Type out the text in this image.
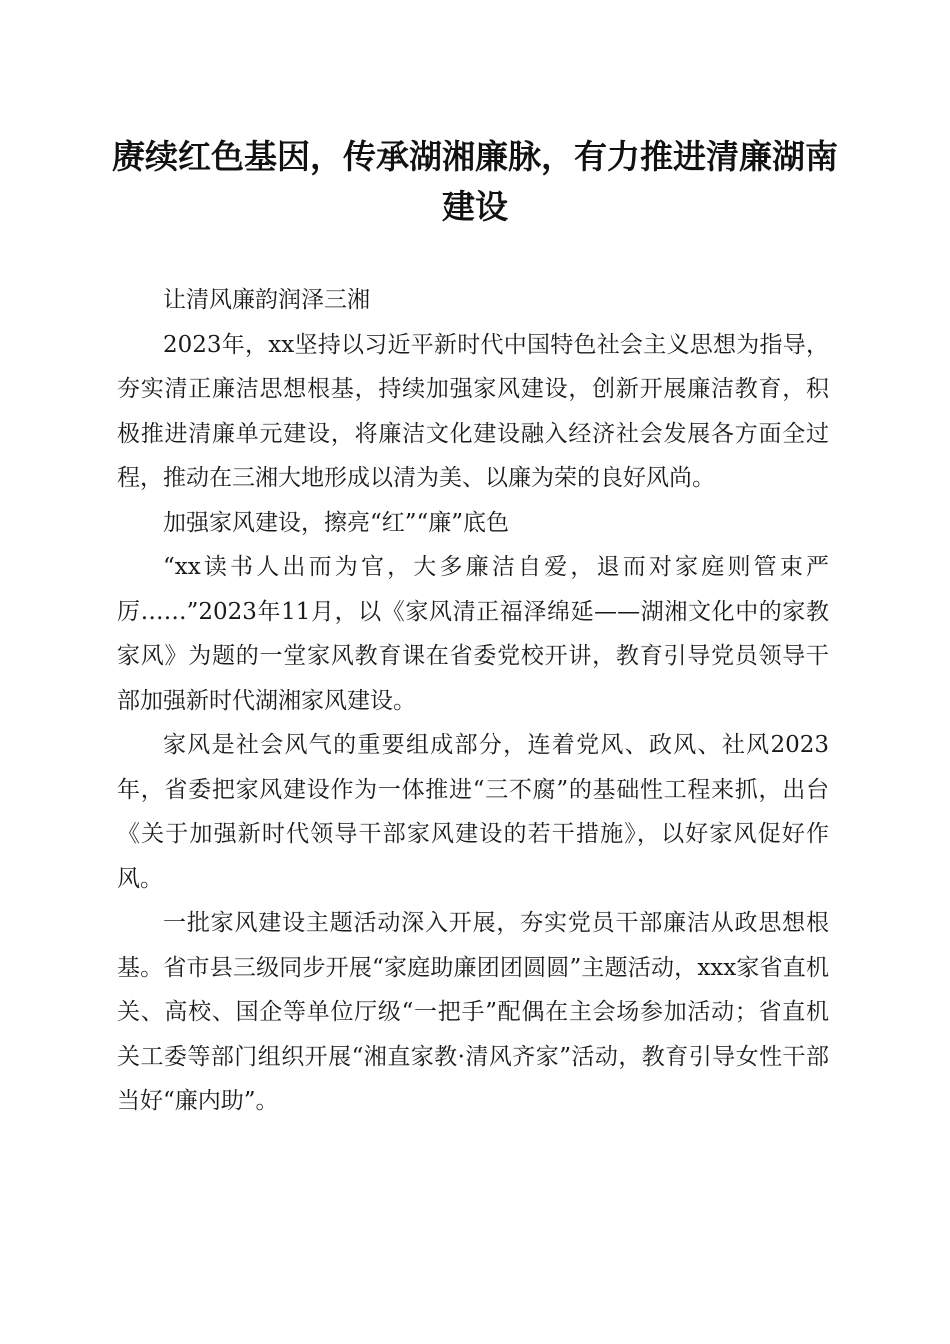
赓续红色基因，传承湖湘廉脉，有力推进清廉湖南建设

让清风廉韵润泽三湘

2023年，xx坚持以习近平新时代中国特色社会主义思想为指导，夯实清正廉洁思想根基，持续加强家风建设，创新开展廉洁教育，积极推进清廉单元建设，将廉洁文化建设融入经济社会发展各方面全过程，推动在三湘大地形成以清为美、以廉为荣的良好风尚。

加强家风建设，擦亮“红”“廉”底色

“xx读书人出而为官，大多廉洁自爱，退而对家庭则管束严厉……”2023年11月，以《家风清正福泽绵延——湖湘文化中的家教家风》为题的一堂家风教育课在省委党校开讲，教育引导党员领导干部加强新时代湖湘家风建设。

家风是社会风气的重要组成部分，连着党风、政风、社风2023年，省委把家风建设作为一体推进“三不腐”的基础性工程来抓，出台《关于加强新时代领导干部家风建设的若干措施》，以好家风促好作风。

一批家风建设主题活动深入开展，夯实党员干部廉洁从政思想根基。省市县三级同步开展“家庭助廉团团圆圆”主题活动，xxx家省直机关、高校、国企等单位厅级“一把手”配偶在主会场参加活动；省直机关工委等部门组织开展“湘直家教·清风齐家”活动，教育引导女性干部当好“廉内助”。
